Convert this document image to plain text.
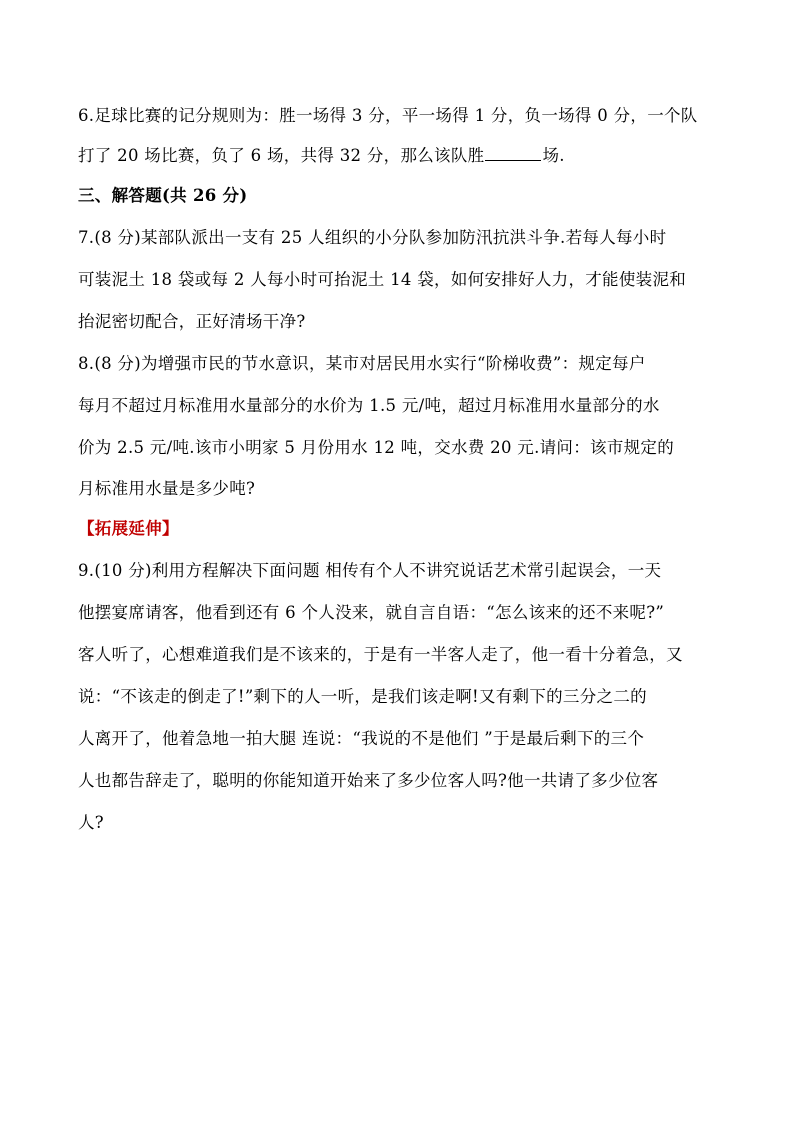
6.足球比赛的记分规则为：胜一场得 3 分，平一场得 1 分，负一场得 0 分，一个队
打了 20 场比赛，负了 6 场，共得 32 分，那么该队胜	场.
三、解答题(共 26 分)
7.(8 分)某部队派出一支有 25 人组织的小分队参加防汛抗洪斗争.若每人每小时
可装泥土 18 袋或每 2 人每小时可抬泥土 14 袋，如何安排好人力，才能使装泥和
抬泥密切配合，正好清场干净?
8.(8 分)为增强市民的节水意识，某市对居民用水实行“阶梯收费”：规定每户
每月不超过月标准用水量部分的水价为 1.5 元/吨，超过月标准用水量部分的水
价为 2.5 元/吨.该市小明家 5 月份用水 12 吨，交水费 20 元.请问：该市规定的
月标准用水量是多少吨?
【拓展延伸】
9.(10 分)利用方程解决下面问题 相传有个人不讲究说话艺术常引起误会，一天
他摆宴席请客，他看到还有 6 个人没来，就自言自语：“怎么该来的还不来呢?”
客人听了，心想难道我们是不该来的，于是有一半客人走了，他一看十分着急，又
说：“不该走的倒走了!”剩下的人一听，是我们该走啊!又有剩下的三分之二的
人离开了，他着急地一拍大腿 连说：“我说的不是他们 ”于是最后剩下的三个
人也都告辞走了，聪明的你能知道开始来了多少位客人吗?他一共请了多少位客
人?
